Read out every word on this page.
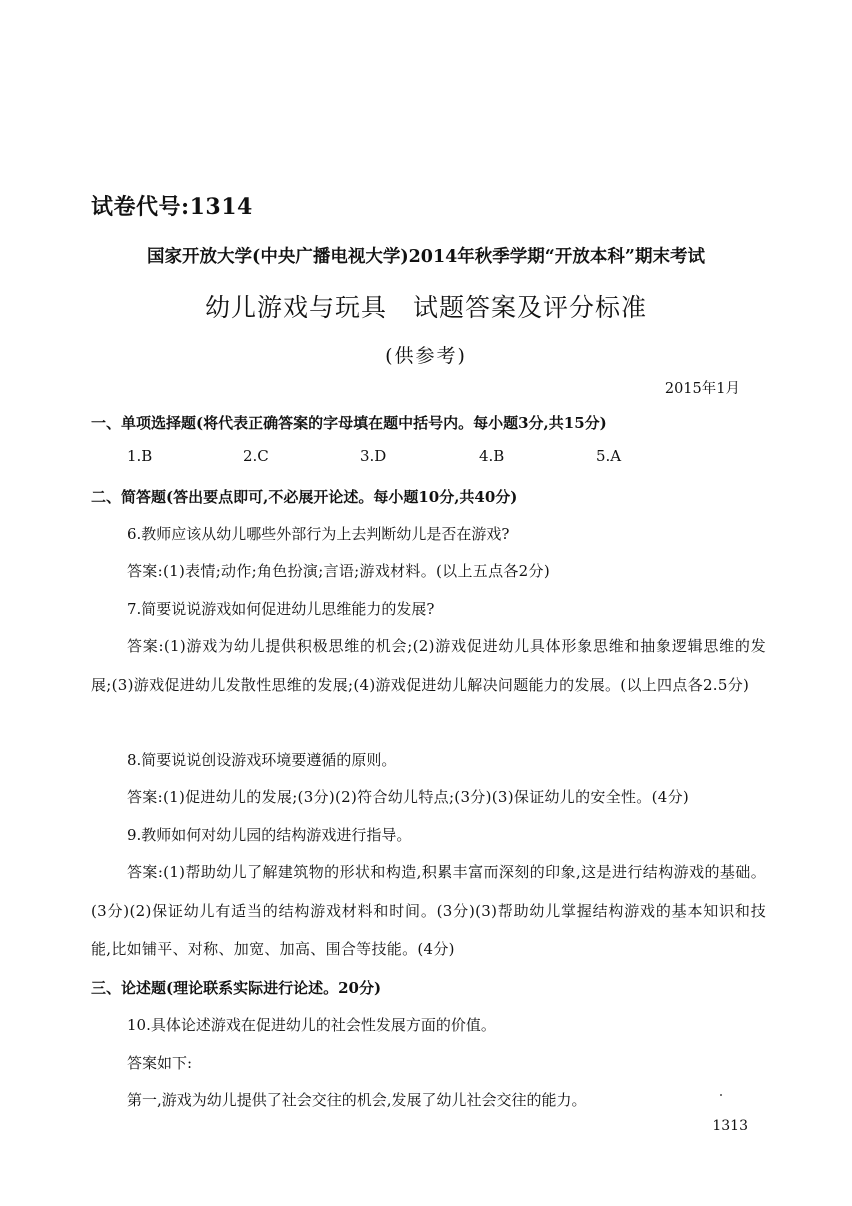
试卷代号:1314
国家开放大学(中央广播电视大学)2014年秋季学期“开放本科”期末考试
幼儿游戏与玩具 试题答案及评分标准
(供参考)
2015年1月
一、单项选择题(将代表正确答案的字母填在题中括号内。每小题3分,共15分)
1.B	2.C	3.D	4.B	5.A
二、简答题(答出要点即可,不必展开论述。每小题10分,共40分)
6.教师应该从幼儿哪些外部行为上去判断幼儿是否在游戏?
答案:(1)表情;动作;角色扮演;言语;游戏材料。(以上五点各2分)
7.简要说说游戏如何促进幼儿思维能力的发展?
答案:(1)游戏为幼儿提供积极思维的机会;(2)游戏促进幼儿具体形象思维和抽象逻辑思维的发展;(3)游戏促进幼儿发散性思维的发展;(4)游戏促进幼儿解决问题能力的发展。(以上四点各2.5分)
8.简要说说创设游戏环境要遵循的原则。
答案:(1)促进幼儿的发展;(3分)(2)符合幼儿特点;(3分)(3)保证幼儿的安全性。(4分)
9.教师如何对幼儿园的结构游戏进行指导。
答案:(1)帮助幼儿了解建筑物的形状和构造,积累丰富而深刻的印象,这是进行结构游戏的基础。(3分)(2)保证幼儿有适当的结构游戏材料和时间。(3分)(3)帮助幼儿掌握结构游戏的基本知识和技能,比如铺平、对称、加宽、加高、围合等技能。(4分)
三、论述题(理论联系实际进行论述。20分)
10.具体论述游戏在促进幼儿的社会性发展方面的价值。
答案如下:
第一,游戏为幼儿提供了社会交往的机会,发展了幼儿社会交往的能力。
1313
